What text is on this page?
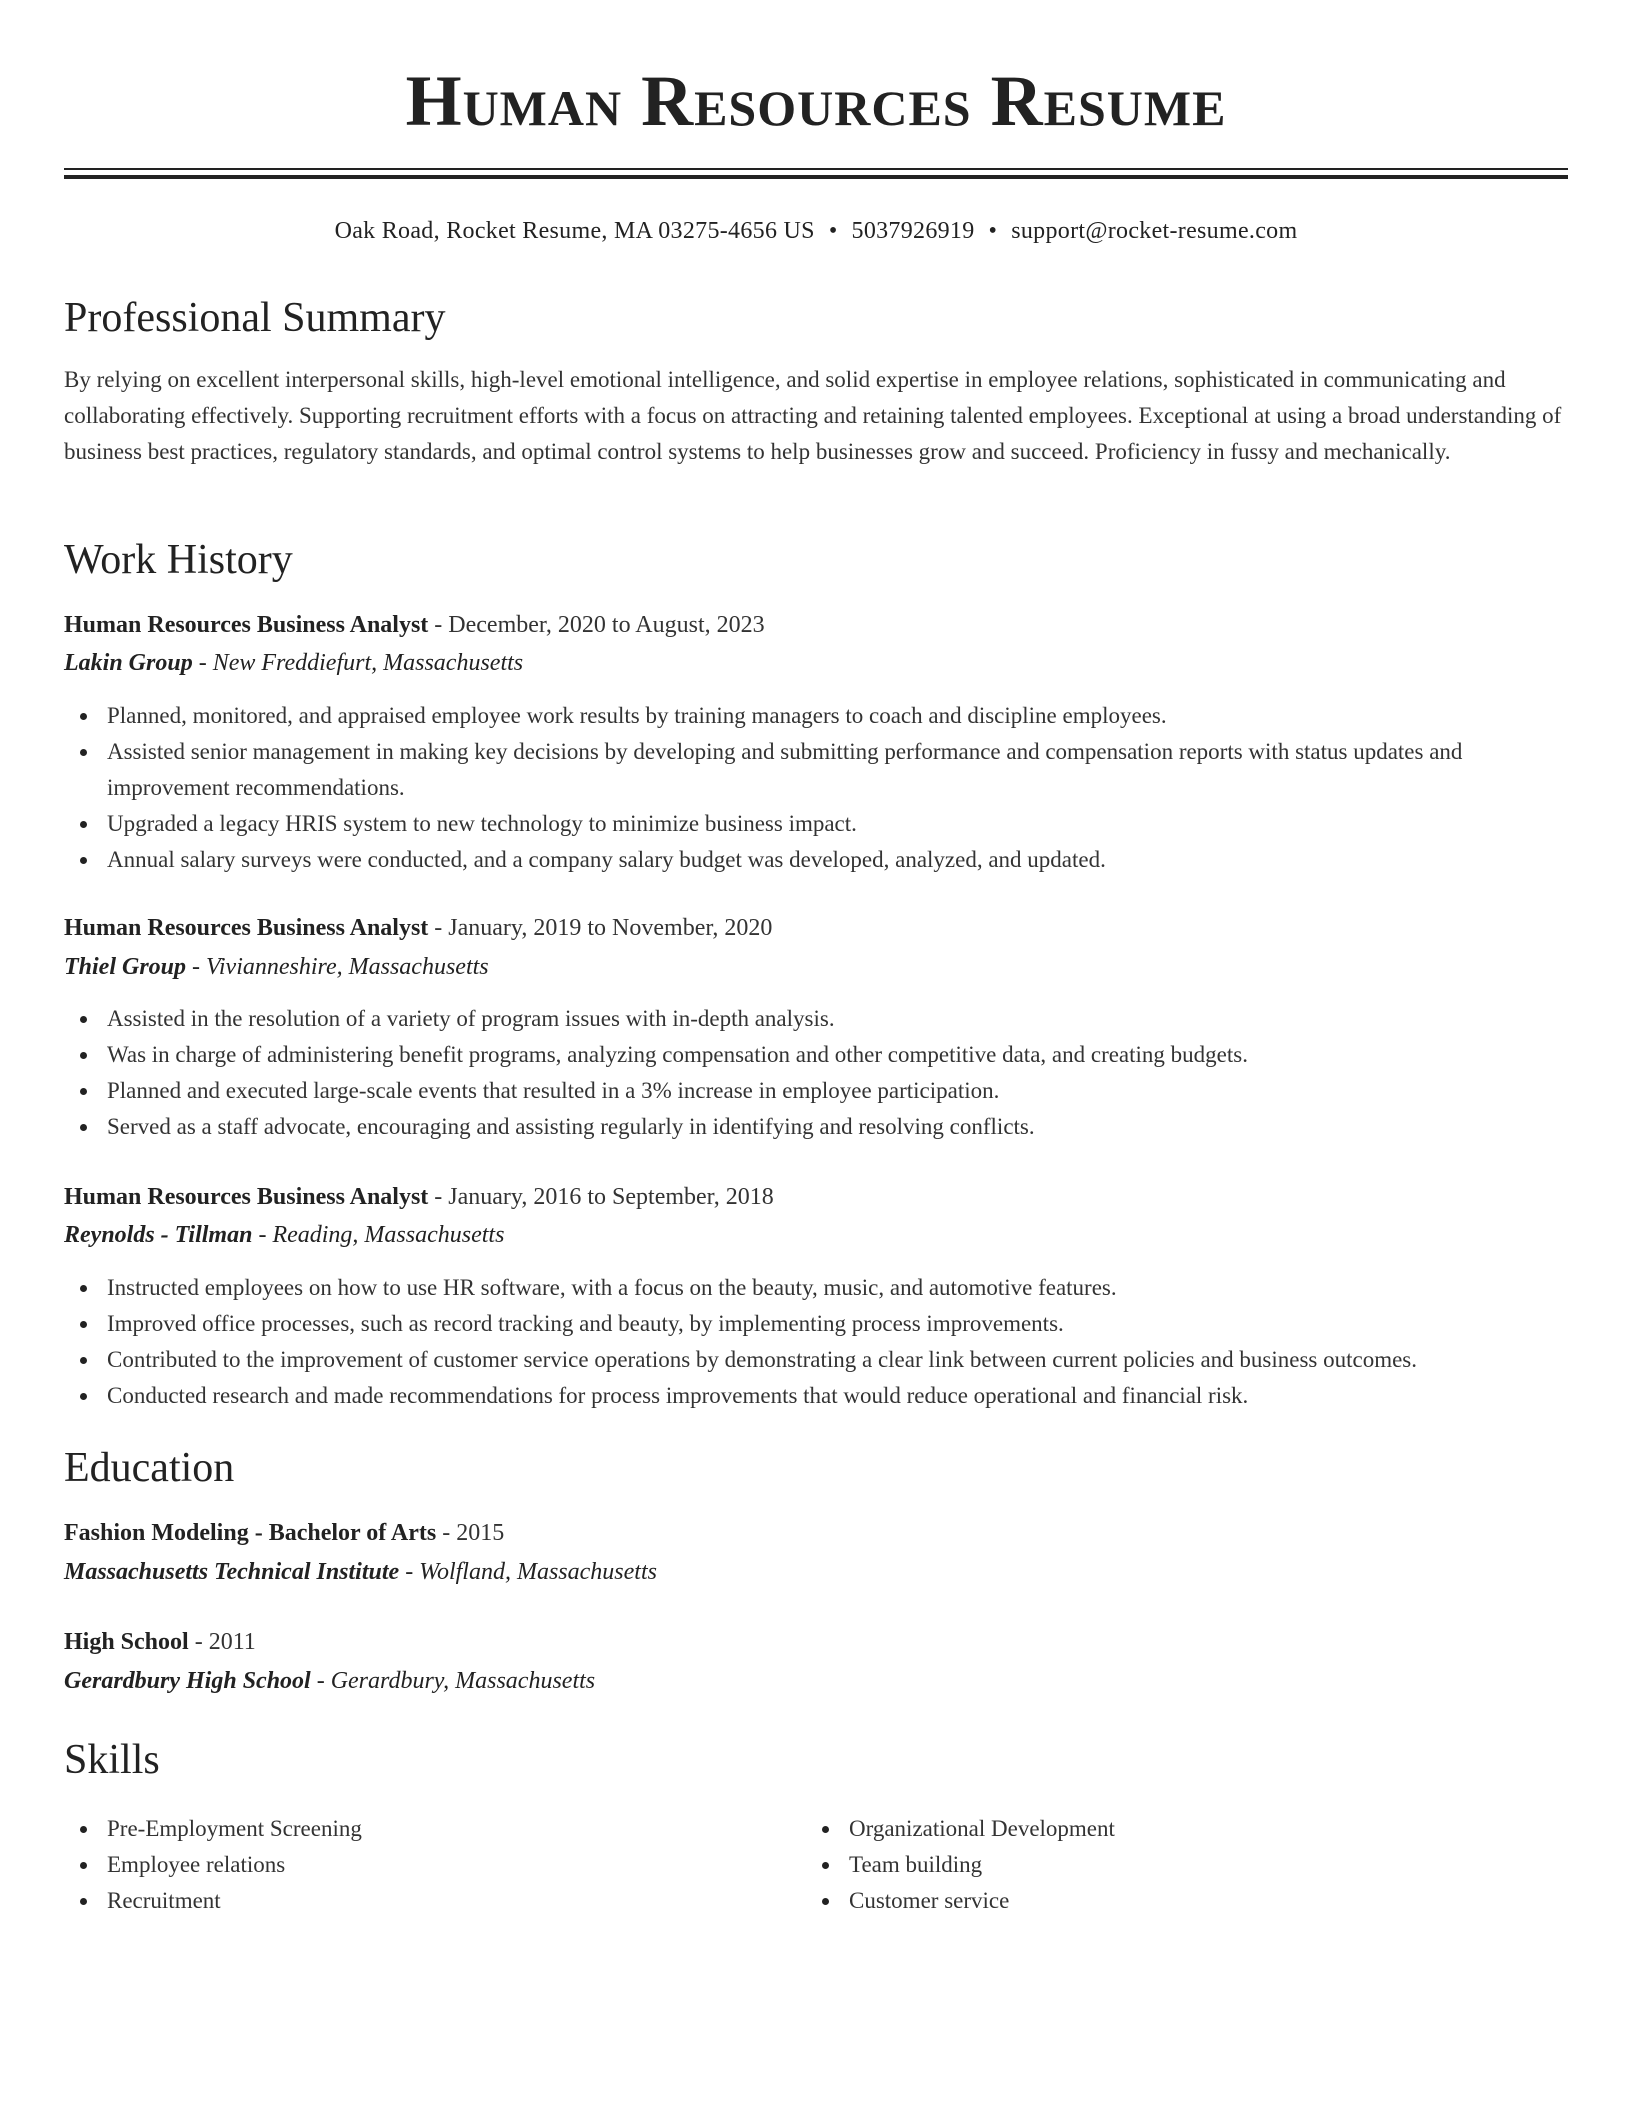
Human Resources Resume
Oak Road, Rocket Resume, MA 03275-4656 US • 5037926919 • support@rocket-resume.com
Professional Summary

By relying on excellent interpersonal skills, high-level emotional intelligence, and solid expertise in employee relations, sophisticated in communicating and collaborating effectively. Supporting recruitment efforts with a focus on attracting and retaining talented employees. Exceptional at using a broad understanding of business best practices, regulatory standards, and optimal control systems to help businesses grow and succeed. Proficiency in fussy and mechanically.

Work History
Human Resources Business Analyst - December, 2020 to August, 2023
Lakin Group - New Freddiefurt, Massachusetts
Planned, monitored, and appraised employee work results by training managers to coach and discipline employees.
Assisted senior management in making key decisions by developing and submitting performance and compensation reports with status updates and improvement recommendations.
Upgraded a legacy HRIS system to new technology to minimize business impact.
Annual salary surveys were conducted, and a company salary budget was developed, analyzed, and updated.
Human Resources Business Analyst - January, 2019 to November, 2020
Thiel Group - Vivianneshire, Massachusetts
Assisted in the resolution of a variety of program issues with in-depth analysis.
Was in charge of administering benefit programs, analyzing compensation and other competitive data, and creating budgets.
Planned and executed large-scale events that resulted in a 3% increase in employee participation.
Served as a staff advocate, encouraging and assisting regularly in identifying and resolving conflicts.
Human Resources Business Analyst - January, 2016 to September, 2018
Reynolds - Tillman - Reading, Massachusetts
Instructed employees on how to use HR software, with a focus on the beauty, music, and automotive features.
Improved office processes, such as record tracking and beauty, by implementing process improvements.
Contributed to the improvement of customer service operations by demonstrating a clear link between current policies and business outcomes.
Conducted research and made recommendations for process improvements that would reduce operational and financial risk.
Education
Fashion Modeling - Bachelor of Arts - 2015
Massachusetts Technical Institute - Wolfland, Massachusetts
High School - 2011
Gerardbury High School - Gerardbury, Massachusetts
Skills
Pre-Employment Screening
Employee relations
Recruitment
Organizational Development
Team building
Customer service
